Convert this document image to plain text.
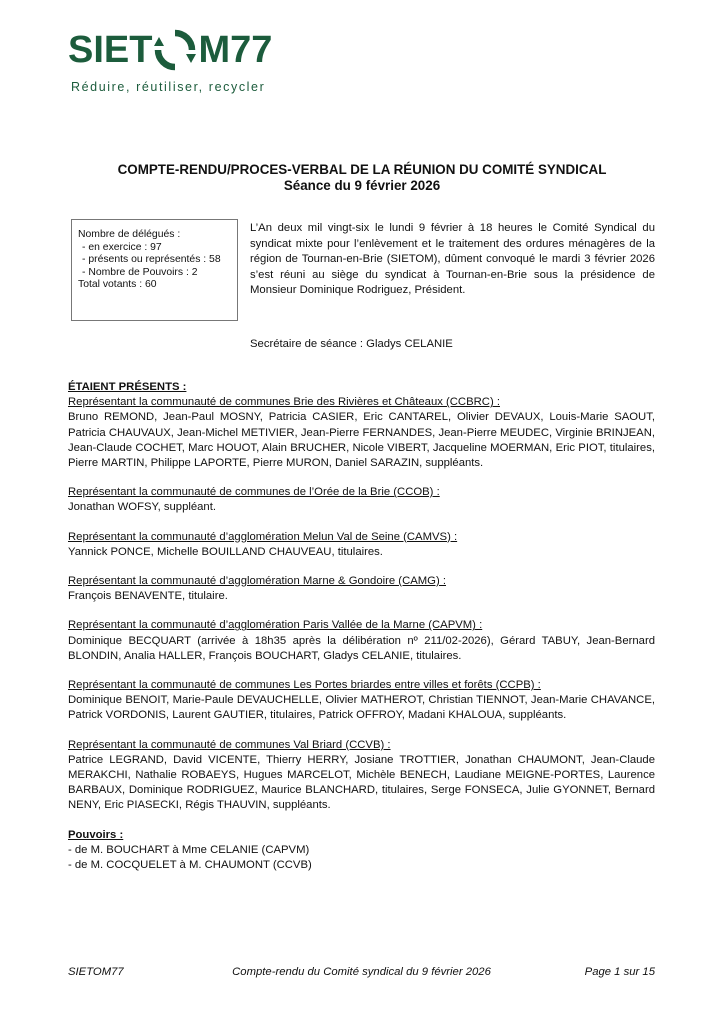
SIET M77
Réduire, réutiliser, recycler
COMPTE-RENDU/PROCES-VERBAL DE LA RÉUNION DU COMITÉ SYNDICAL
Séance du 9 février 2026
Nombre de délégués :
- en exercice : 97
- présents ou représentés : 58
- Nombre de Pouvoirs : 2
Total votants : 60
L’An deux mil vingt-six le lundi 9 février à 18 heures le Comité Syndical du syndicat mixte pour l’enlèvement et le traitement des ordures ménagères de la région de Tournan-en-Brie (SIETOM), dûment convoqué le mardi 3 février 2026 s’est réuni au siège du syndicat à Tournan-en-Brie sous la présidence de Monsieur Dominique Rodriguez, Président.
Secrétaire de séance : Gladys CELANIE

ÉTAIENT PRÉSENTS :

Représentant la communauté de communes Brie des Rivières et Châteaux (CCBRC) :

Bruno REMOND, Jean-Paul MOSNY, Patricia CASIER, Eric CANTAREL, Olivier DEVAUX, Louis-Marie SAOUT, Patricia CHAUVAUX, Jean-Michel METIVIER, Jean-Pierre FERNANDES, Jean-Pierre MEUDEC, Virginie BRINJEAN, Jean-Claude COCHET, Marc HOUOT, Alain BRUCHER, Nicole VIBERT, Jacqueline MOERMAN, Eric PIOT, titulaires, Pierre MARTIN, Philippe LAPORTE, Pierre MURON, Daniel SARAZIN, suppléants.

Représentant la communauté de communes de l’Orée de la Brie (CCOB) :

Jonathan WOFSY, suppléant.

Représentant la communauté d’agglomération Melun Val de Seine (CAMVS) :

Yannick PONCE, Michelle BOUILLAND CHAUVEAU, titulaires.

Représentant la communauté d’agglomération Marne & Gondoire (CAMG) :

François BENAVENTE, titulaire.

Représentant la communauté d’agglomération Paris Vallée de la Marne (CAPVM) :

Dominique BECQUART (arrivée à 18h35 après la délibération nº 211/02-2026), Gérard TABUY, Jean-Bernard BLONDIN, Analia HALLER, François BOUCHART, Gladys CELANIE, titulaires.

Représentant la communauté de communes Les Portes briardes entre villes et forêts (CCPB) :

Dominique BENOIT, Marie-Paule DEVAUCHELLE, Olivier MATHEROT, Christian TIENNOT, Jean-Marie CHAVANCE, Patrick VORDONIS, Laurent GAUTIER, titulaires, Patrick OFFROY, Madani KHALOUA, suppléants.

Représentant la communauté de communes Val Briard (CCVB) :

Patrice LEGRAND, David VICENTE, Thierry HERRY, Josiane TROTTIER, Jonathan CHAUMONT, Jean-Claude MERAKCHI, Nathalie ROBAEYS, Hugues MARCELOT, Michèle BENECH, Laudiane MEIGNE-PORTES, Laurence BARBAUX, Dominique RODRIGUEZ, Maurice BLANCHARD, titulaires, Serge FONSECA, Julie GYONNET, Bernard NENY, Eric PIASECKI, Régis THAUVIN, suppléants.

Pouvoirs :

- de M. BOUCHART à Mme CELANIE (CAPVM)

- de M. COCQUELET à M. CHAUMONT (CCVB)

Compte-rendu du Comité syndical du 9 février 2026
SIETOM77	Page 1 sur 15
